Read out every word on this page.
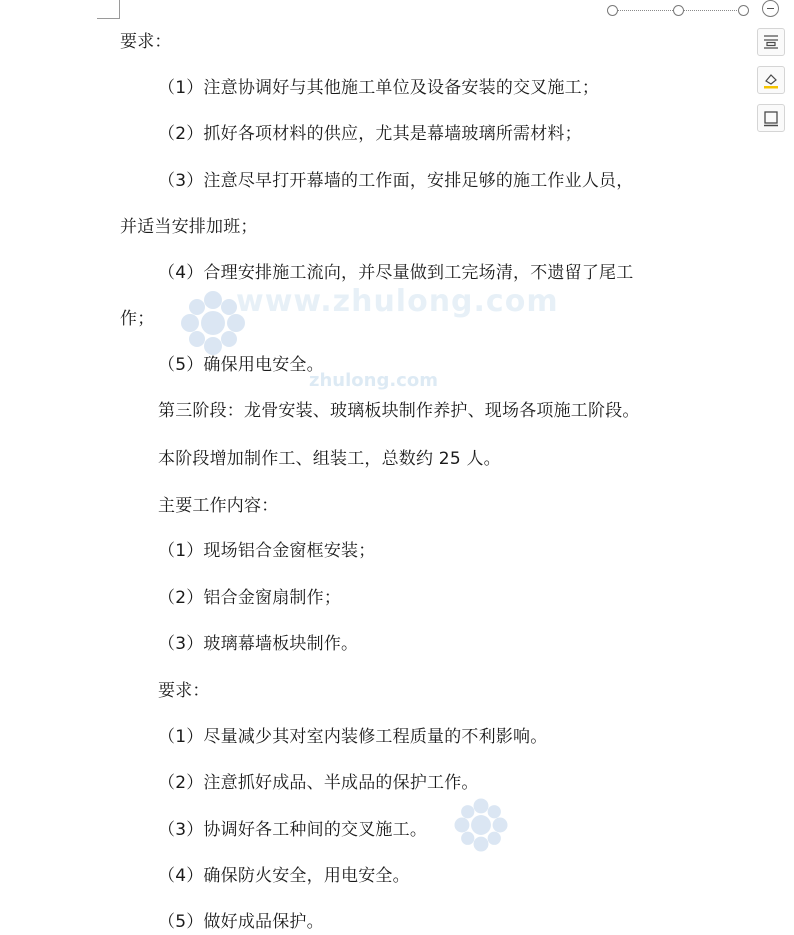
www.zhulong.com
zhulong.com
要求：
（1）注意协调好与其他施工单位及设备安装的交叉施工；
（2）抓好各项材料的供应，尤其是幕墙玻璃所需材料；
（3）注意尽早打开幕墙的工作面，安排足够的施工作业人员，
并适当安排加班；
（4）合理安排施工流向，并尽量做到工完场清，不遗留了尾工
作；
（5）确保用电安全。
第三阶段：龙骨安装、玻璃板块制作养护、现场各项施工阶段。
本阶段增加制作工、组装工，总数约 25 人。
主要工作内容：
（1）现场铝合金窗框安装；
（2）铝合金窗扇制作；
（3）玻璃幕墙板块制作。
要求：
（1）尽量减少其对室内装修工程质量的不利影响。
（2）注意抓好成品、半成品的保护工作。
（3）协调好各工种间的交叉施工。
（4）确保防火安全，用电安全。
（5）做好成品保护。
